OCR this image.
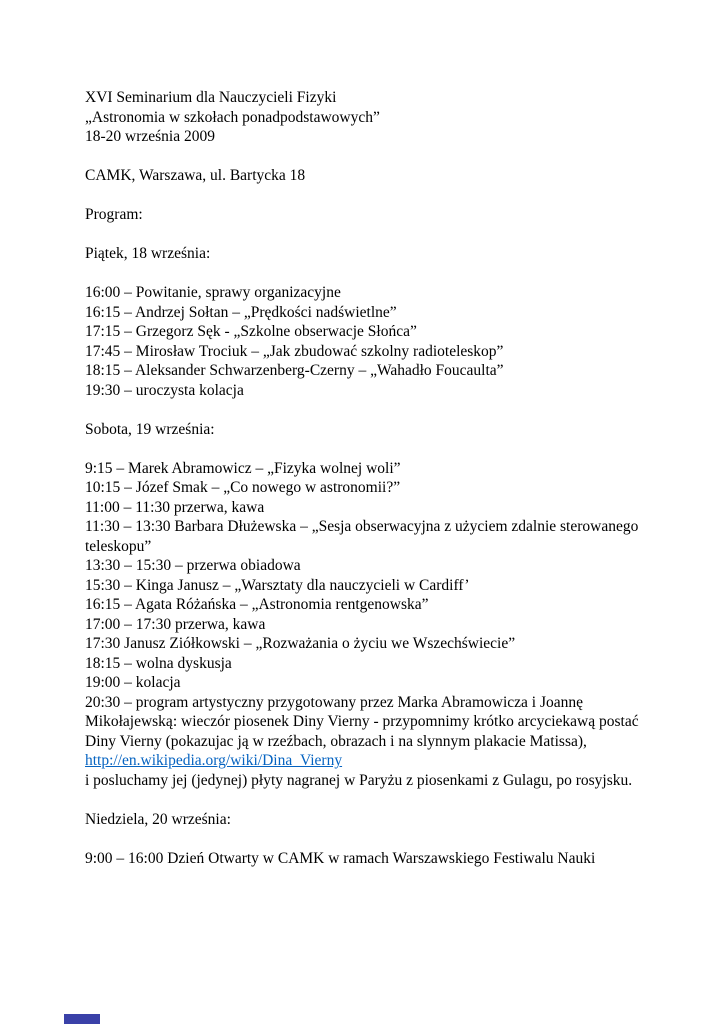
XVI Seminarium dla Nauczycieli Fizyki
„Astronomia w szkołach ponadpodstawowych”
18-20 września 2009
CAMK, Warszawa, ul. Bartycka 18
Program:
Piątek, 18 września:
16:00 – Powitanie, sprawy organizacyjne
16:15 – Andrzej Sołtan – „Prędkości nadświetlne”
17:15 – Grzegorz Sęk - „Szkolne obserwacje Słońca”
17:45 – Mirosław Trociuk – „Jak zbudować szkolny radioteleskop”
18:15 – Aleksander Schwarzenberg-Czerny – „Wahadło Foucaulta”
19:30 – uroczysta kolacja
Sobota, 19 września:
9:15 – Marek Abramowicz – „Fizyka wolnej woli”
10:15 – Józef Smak – „Co nowego w astronomii?”
11:00 – 11:30 przerwa, kawa
11:30 – 13:30 Barbara Dłużewska – „Sesja obserwacyjna z użyciem zdalnie sterowanego teleskopu”
13:30 – 15:30 – przerwa obiadowa
15:30 – Kinga Janusz – „Warsztaty dla nauczycieli w Cardiff’
16:15 – Agata Różańska – „Astronomia rentgenowska”
17:00 – 17:30 przerwa, kawa
17:30 Janusz Ziółkowski – „Rozważania o życiu we Wszechświecie”
18:15 – wolna dyskusja
19:00 – kolacja
20:30 – program artystyczny przygotowany przez Marka Abramowicza i Joannę Mikołajewską: wieczór piosenek Diny Vierny - przypomnimy krótko arcyciekawą postać Diny Vierny (pokazujac ją w rzeźbach, obrazach i na slynnym plakacie Matissa), http://en.wikipedia.org/wiki/Dina_Vierny
i posluchamy jej (jedynej) płyty nagranej w Paryżu z piosenkami z Gulagu, po rosyjsku.
Niedziela, 20 września:
9:00 – 16:00 Dzień Otwarty w CAMK w ramach Warszawskiego Festiwalu Nauki
